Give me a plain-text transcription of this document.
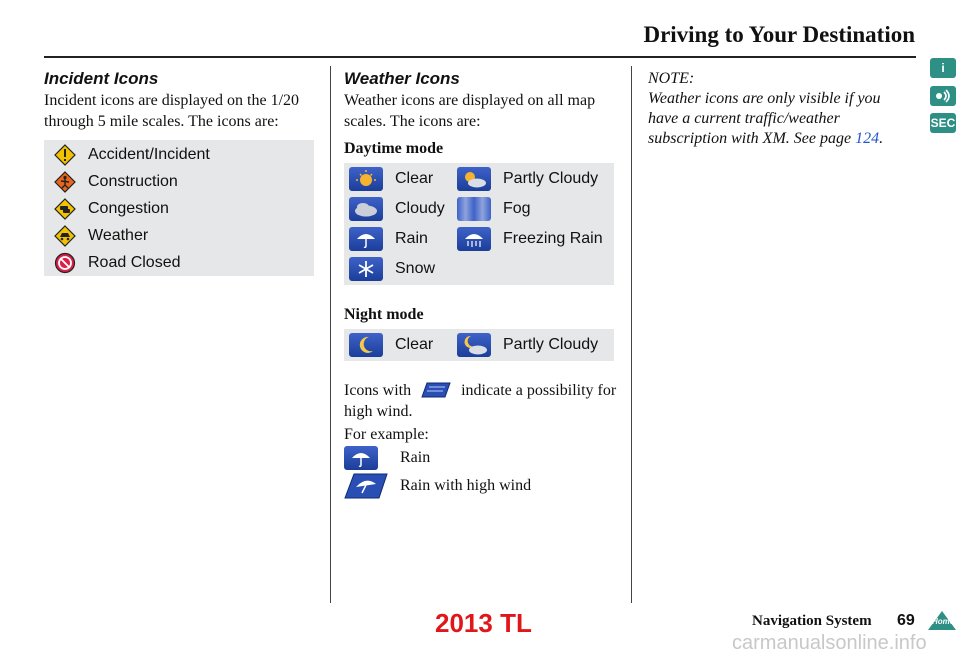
Driving to Your Destination
i
SEC
Incident Icons
Incident icons are displayed on the 1/20 through 5 mile scales. The icons are:
Accident/Incident
Construction
Congestion
Weather
Road Closed
Weather Icons
Weather icons are displayed on all map scales. The icons are:
Daytime mode
Clear	Partly Cloudy
Cloudy	Fog
Rain	Freezing Rain
Snow
Night mode
Clear	Partly Cloudy
Icons with	indicate a possibility for high wind.
For example:
Rain
Rain with high wind
NOTE:
Weather icons are only visible if you have a current traffic/weather subscription with XM. See page 124.
Navigation System 69 Home
2013 TL
carmanualsonline.info
